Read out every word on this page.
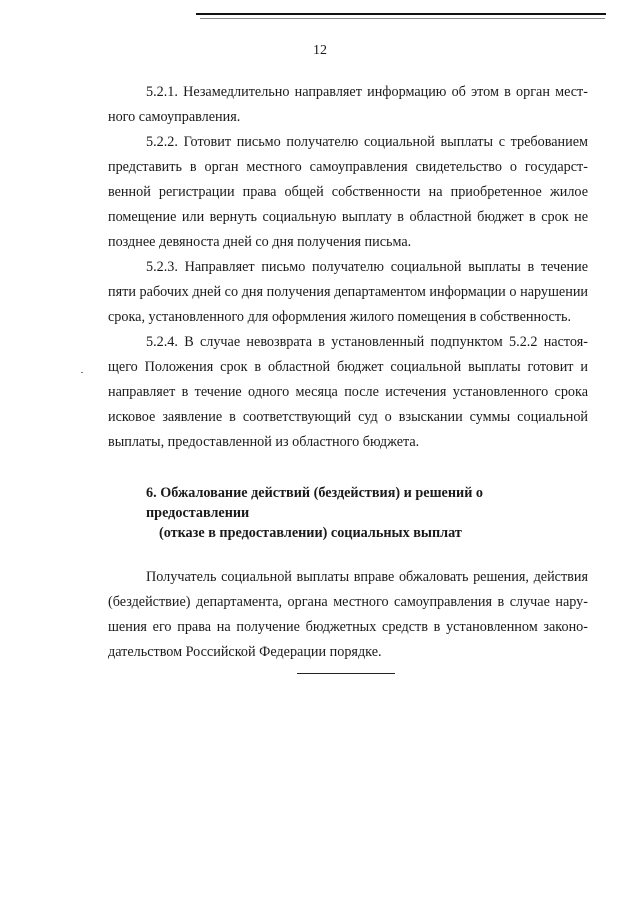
12

5.2.1. Незамедлительно направляет информацию об этом в орган местного самоуправления.

5.2.2. Готовит письмо получателю социальной выплаты с требованием представить в орган местного самоуправления свидетельство о государственной регистрации права общей собственности на приобретенное жилое помещение или вернуть социальную выплату в областной бюджет в срок не позднее девяноста дней со дня получения письма.

5.2.3. Направляет письмо получателю социальной выплаты в течение пяти рабочих дней со дня получения департаментом информации о нарушении срока, установленного для оформления жилого помещения в собственность.

5.2.4. В случае невозврата в установленный подпунктом 5.2.2 настоящего Положения срок в областной бюджет социальной выплаты готовит и направляет в течение одного месяца после истечения установленного срока исковое заявление в соответствующий суд о взыскании суммы социальной выплаты, предоставленной из областного бюджета.

6. Обжалование действий (бездействия) и решений о предоставлении
(отказе в предоставлении) социальных выплат

Получатель социальной выплаты вправе обжаловать решения, действия (бездействие) департамента, органа местного самоуправления в случае нарушения его права на получение бюджетных средств в установленном законодательством Российской Федерации порядке.
